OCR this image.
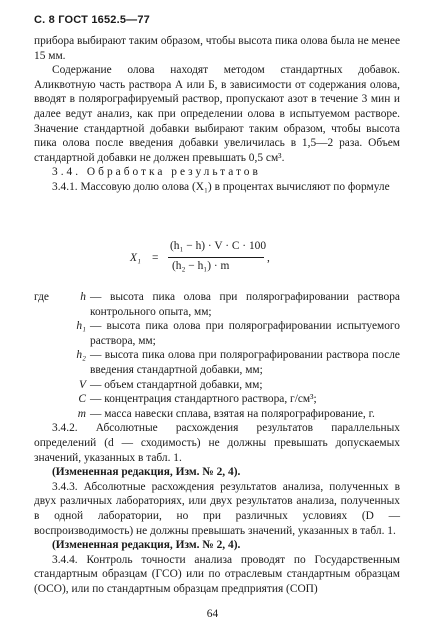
С. 8 ГОСТ 1652.5—77

прибора выбирают таким образом, чтобы высота пика олова была не менее 15 мм.

Содержание олова находят методом стандартных добавок. Аликвотную часть раствора А или Б, в зависимости от содержания олова, вводят в полярографируемый раствор, пропускают азот в течение 3 мин и далее ведут анализ, как при определении олова в испытуемом растворе. Значение стандартной добавки выбирают таким образом, чтобы высота пика олова после введения добавки увеличилась в 1,5—2 раза. Объем стандартной добавки не должен превышать 0,5 см³.

3.4. Обработка результатов

3.4.1. Массовую долю олова (X₁) в процентах вычисляют по формуле

X₁ =
(h₁ − h) · V · C · 100
(h₂ − h₁) · m
,
где	h — высота пика олова при полярографировании раствора контрольного опыта, мм;
h₁ — высота пика олова при полярографировании испытуемого раствора, мм;
h₂ — высота пика олова при полярографировании раствора после введения стандартной добавки, мм;
V — объем стандартной добавки, мм;
C — концентрация стандартного раствора, г/см³;
m — масса навески сплава, взятая на полярографирование, г.

3.4.2. Абсолютные расхождения результатов параллельных определений (d — сходимость) не должны превышать допускаемых значений, указанных в табл. 1.

(Измененная редакция, Изм. № 2, 4).

3.4.3. Абсолютные расхождения результатов анализа, полученных в двух различных лабораториях, или двух результатов анализа, полученных в одной лаборатории, но при различных условиях (D — воспроизводимость) не должны превышать значений, указанных в табл. 1.

(Измененная редакция, Изм. № 2, 4).

3.4.4. Контроль точности анализа проводят по Государственным стандартным образцам (ГСО) или по отраслевым стандартным образцам (ОСО), или по стандартным образцам предприятия (СОП)

64
